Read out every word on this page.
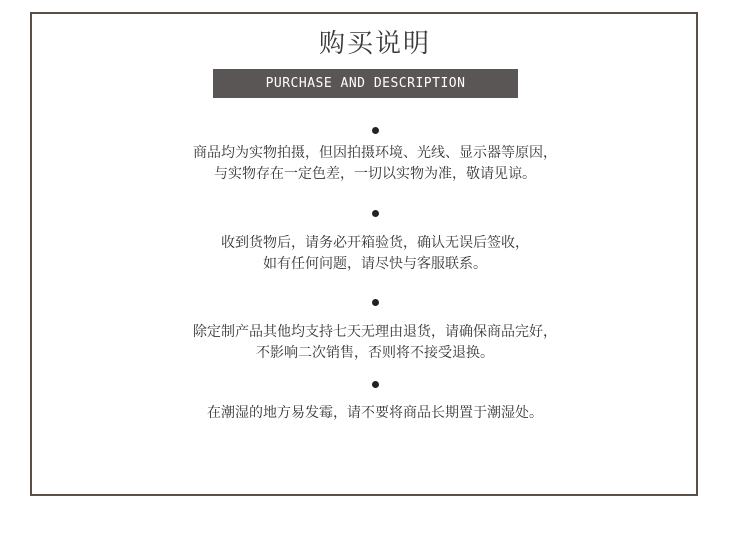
购买说明
PURCHASE AND DESCRIPTION
商品均为实物拍摄，但因拍摄环境、光线、显示器等原因，
与实物存在一定色差，一切以实物为准，敬请见谅。
收到货物后，请务必开箱验货，确认无误后签收，
如有任何问题，请尽快与客服联系。
除定制产品其他均支持七天无理由退货，请确保商品完好，
不影响二次销售，否则将不接受退换。
在潮湿的地方易发霉，请不要将商品长期置于潮湿处。
